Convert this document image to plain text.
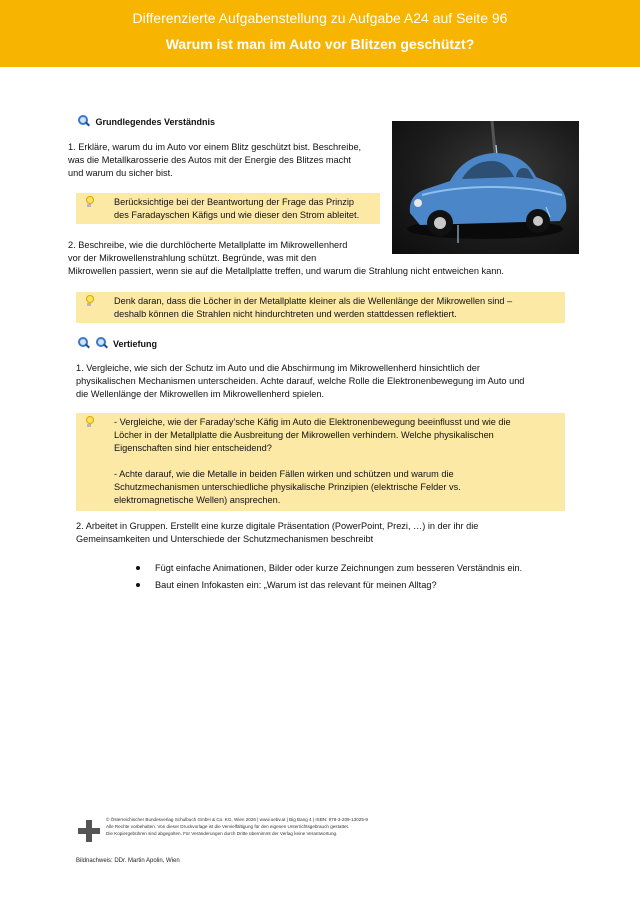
Differenzierte Aufgabenstellung zu Aufgabe A24 auf Seite 96
Warum ist man im Auto vor Blitzen geschützt?
Grundlegendes Verständnis
1. Erkläre, warum du im Auto vor einem Blitz geschützt bist. Beschreibe,
was die Metallkarosserie des Autos mit der Energie des Blitzes macht
und warum du sicher bist.
Berücksichtige bei der Beantwortung der Frage das Prinzip
des Faradayschen Käfigs und wie dieser den Strom ableitet.
2. Beschreibe, wie die durchlöcherte Metallplatte im Mikrowellenherd
vor der Mikrowellenstrahlung schützt. Begründe, was mit den
Mikrowellen passiert, wenn sie auf die Metallplatte treffen, und warum die Strahlung nicht entweichen kann.
Denk daran, dass die Löcher in der Metallplatte kleiner als die Wellenlänge der Mikrowellen sind –
deshalb können die Strahlen nicht hindurchtreten und werden stattdessen reflektiert.

Vertiefung
1. Vergleiche, wie sich der Schutz im Auto und die Abschirmung im Mikrowellenherd hinsichtlich der
physikalischen Mechanismen unterscheiden. Achte darauf, welche Rolle die Elektronenbewegung im Auto und
die Wellenlänge der Mikrowellen im Mikrowellenherd spielen.
- Vergleiche, wie der Faraday’sche Käfig im Auto die Elektronenbewegung beeinflusst und wie die
Löcher in der Metallplatte die Ausbreitung der Mikrowellen verhindern. Welche physikalischen
Eigenschaften sind hier entscheidend?
- Achte darauf, wie die Metalle in beiden Fällen wirken und schützen und warum die
Schutzmechanismen unterschiedliche physikalische Prinzipien (elektrische Felder vs.
elektromagnetische Wellen) ansprechen.
2. Arbeitet in Gruppen. Erstellt eine kurze digitale Präsentation (PowerPoint, Prezi, …) in der ihr die
Gemeinsamkeiten und Unterschiede der Schutzmechanismen beschreibt
Fügt einfache Animationen, Bilder oder kurze Zeichnungen zum besseren Verständnis ein.
Baut einen Infokasten ein: „Warum ist das relevant für meinen Alltag?
© Österreichischer Bundesverlag Schulbuch GmbH & Co. KG, Wien 2026 | www.oebv.at | Big Bang 4 | ISBN: 978-3-209-13025-9
Alle Rechte vorbehalten. Von dieser Druckvorlage ist die Vervielfältigung für den eigenen Unterrichtsgebrauch gestattet.
Die Kopiergebühren sind abgegolten. Für Veränderungen durch Dritte übernimmt der Verlag keine Verantwortung.
Bildnachweis: DDr. Martin Apolin, Wien
